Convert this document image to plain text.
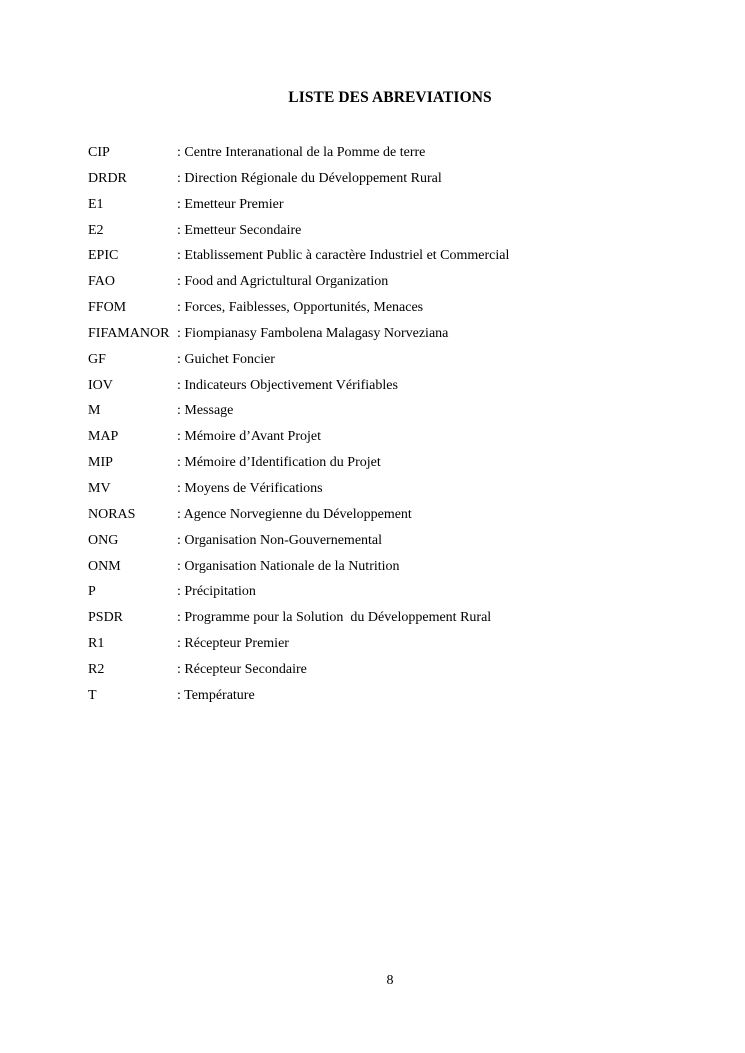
LISTE DES ABREVIATIONS
CIP	: Centre Interanational de la Pomme de terre
DRDR	: Direction Régionale du Développement Rural
E1	: Emetteur Premier
E2	: Emetteur Secondaire
EPIC	: Etablissement Public à caractère Industriel et Commercial
FAO	: Food and Agrictultural Organization
FFOM	: Forces, Faiblesses, Opportunités, Menaces
FIFAMANOR : Fiompianasy Fambolena Malagasy Norveziana
GF	: Guichet Foncier
IOV	: Indicateurs Objectivement Vérifiables
M	: Message
MAP	: Mémoire d’Avant Projet
MIP	: Mémoire d’Identification du Projet
MV	: Moyens de Vérifications
NORAS	: Agence Norvegienne du Développement
ONG	: Organisation Non-Gouvernemental
ONM	: Organisation Nationale de la Nutrition
P	: Précipitation
PSDR	: Programme pour la Solution  du Développement Rural
R1	: Récepteur Premier
R2	: Récepteur Secondaire
T	: Température

8
